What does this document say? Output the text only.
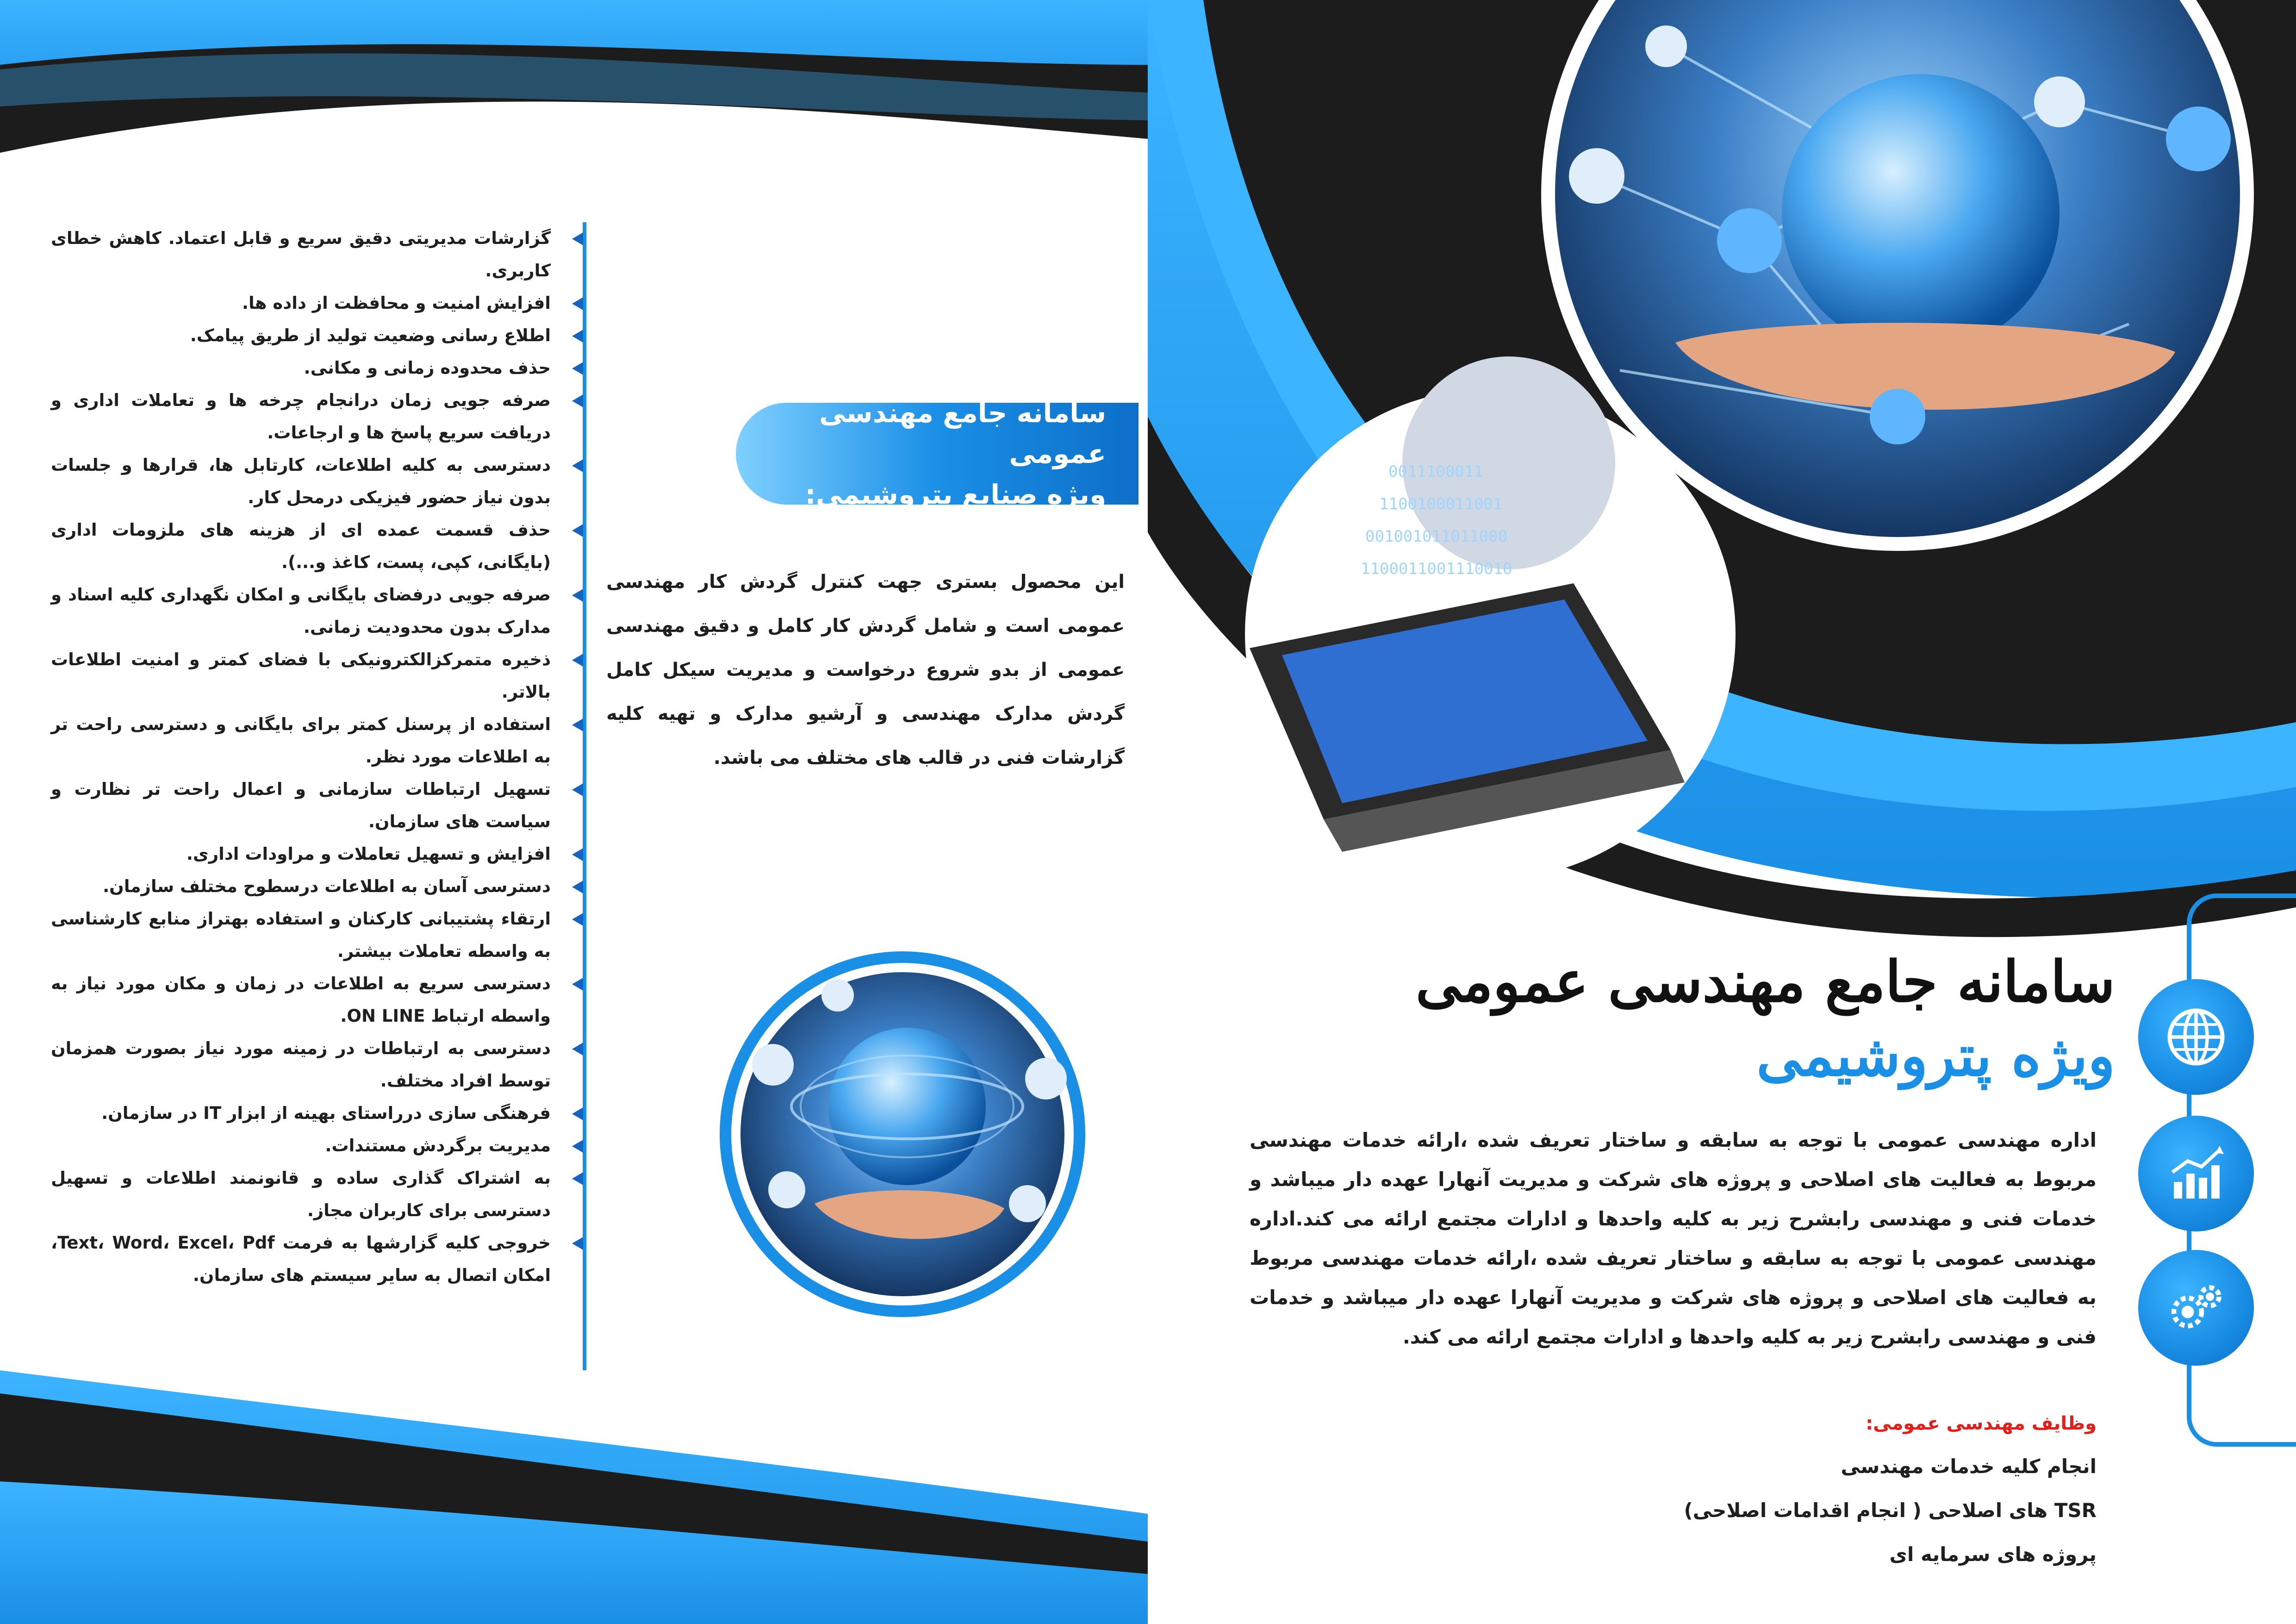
0011100011
1100100011001
001001011011000
1100011001110010
گزارشات مدیریتی دقیق سریع و قابل اعتماد. کاهش خطای کاربری.
افزایش امنیت و محافظت از داده ها.
اطلاع رسانی وضعیت تولید از طریق پیامک.
حذف محدوده زمانی و مکانی.
صرفه جویی زمان درانجام چرخه ها و تعاملات اداری و دریافت سریع پاسخ ها و ارجاعات.
دسترسی به کلیه اطلاعات، کارتابل ها، قرارها و جلسات بدون نیاز حضور فیزیکی درمحل کار.
حذف قسمت عمده ای از هزینه های ملزومات اداری (بایگانی، کپی، پست، کاغذ و...).
صرفه جویی درفضای بایگانی و امکان نگهداری کلیه اسناد و مدارک بدون محدودیت زمانی.
ذخیره متمرکزالکترونیکی با فضای کمتر و امنیت اطلاعات بالاتر.
استفاده از پرسنل کمتر برای بایگانی و دسترسی راحت تر به اطلاعات مورد نظر.
تسهیل ارتباطات سازمانی و اعمال راحت تر نظارت و سیاست های سازمان.
افزایش و تسهیل تعاملات و مراودات اداری.
دسترسی آسان به اطلاعات درسطوح مختلف سازمان.
ارتقاء پشتیبانی کارکنان و استفاده بهتراز منابع کارشناسی به واسطه تعاملات بیشتر.
دسترسی سریع به اطلاعات در زمان و مکان مورد نیاز به واسطه ارتباط ON LINE.
دسترسی به ارتباطات در زمینه مورد نیاز بصورت همزمان توسط افراد مختلف.
فرهنگی سازی درراستای بهینه از ابزار IT در سازمان.
مدیریت برگردش مستندات.
به اشتراک گذاری ساده و قانونمند اطلاعات و تسهیل دسترسی برای کاربران مجاز.
خروجی کلیه گزارشها به فرمت Text، Word، Excel، Pdf، امکان اتصال به سایر سیستم های سازمان.
سامانه جامع مهندسی عمومی
ویژه صنایع پتروشیمی:

این محصول بستری جهت کنترل گردش کار مهندسی عمومی است و شامل گردش کار کامل و دقیق مهندسی عمومی از بدو شروع درخواست و مدیریت سیکل کامل گردش مدارک مهندسی و آرشیو مدارک و تهیه کلیه گزارشات فنی در قالب های مختلف می باشد.

سامانه جامع مهندسی عمومی
ویژه پتروشیمی

اداره مهندسی عمومی با توجه به سابقه و ساختار تعریف شده ،ارائه خدمات مهندسی مربوط به فعالیت های اصلاحی و پروژه های شرکت و مدیریت آنهارا عهده دار میباشد و خدمات فنی و مهندسی رابشرح زیر به کلیه واحدها و ادارات مجتمع ارائه می کند.اداره مهندسی عمومی با توجه به سابقه و ساختار تعریف شده ،ارائه خدمات مهندسی مربوط به فعالیت های اصلاحی و پروژه های شرکت و مدیریت آنهارا عهده دار میباشد و خدمات فنی و مهندسی رابشرح زیر به کلیه واحدها و ادارات مجتمع ارائه می کند.

وظایف مهندسی عمومی:
انجام کلیه خدمات مهندسی
TSR های اصلاحی ( انجام اقدامات اصلاحی)
پروژه های سرمایه ای
